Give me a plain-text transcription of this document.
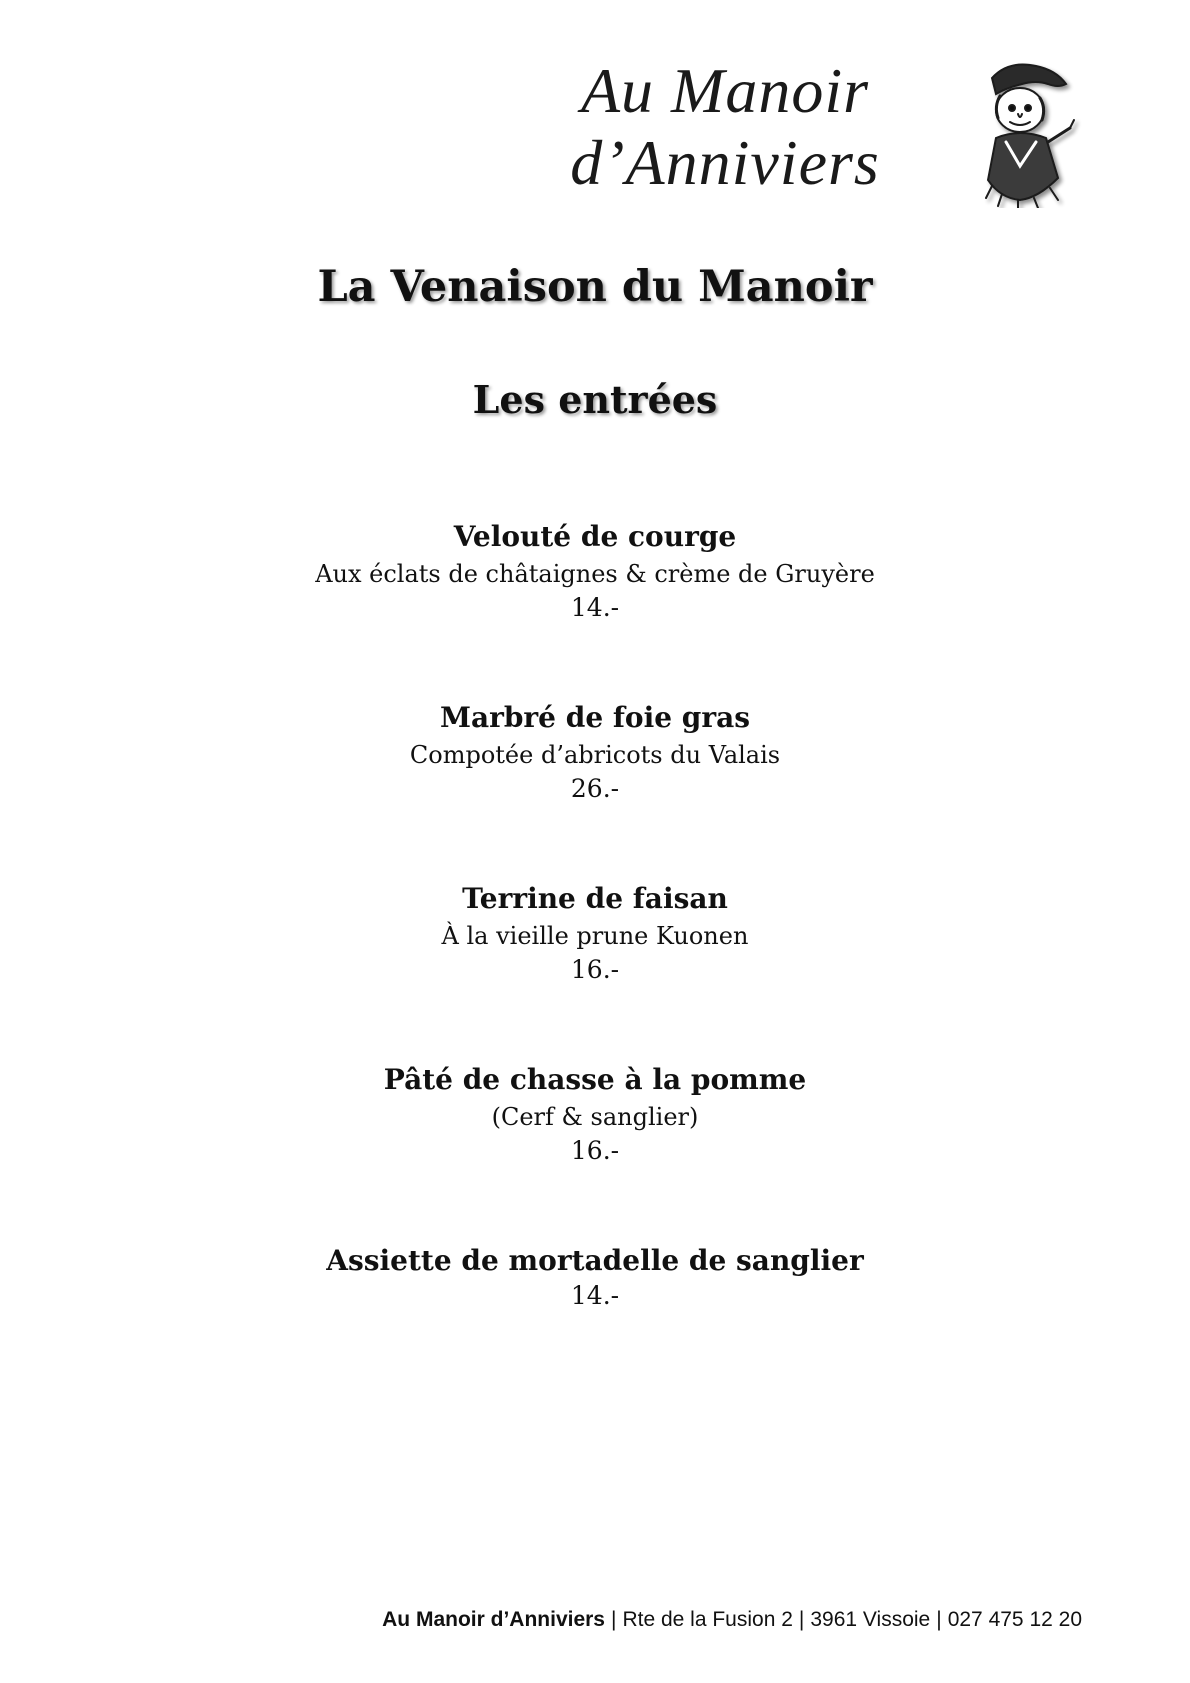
Au Manoir
d’Anniviers
La Venaison du Manoir
Les entrées
Velouté de courge
Aux éclats de châtaignes & crème de Gruyère
14.-
Marbré de foie gras
Compotée d’abricots du Valais
26.-
Terrine de faisan
À la vieille prune Kuonen
16.-
Pâté de chasse à la pomme
(Cerf & sanglier)
16.-
Assiette de mortadelle de sanglier
14.-
Au Manoir d’Anniviers | Rte de la Fusion 2 | 3961 Vissoie | 027 475 12 20
